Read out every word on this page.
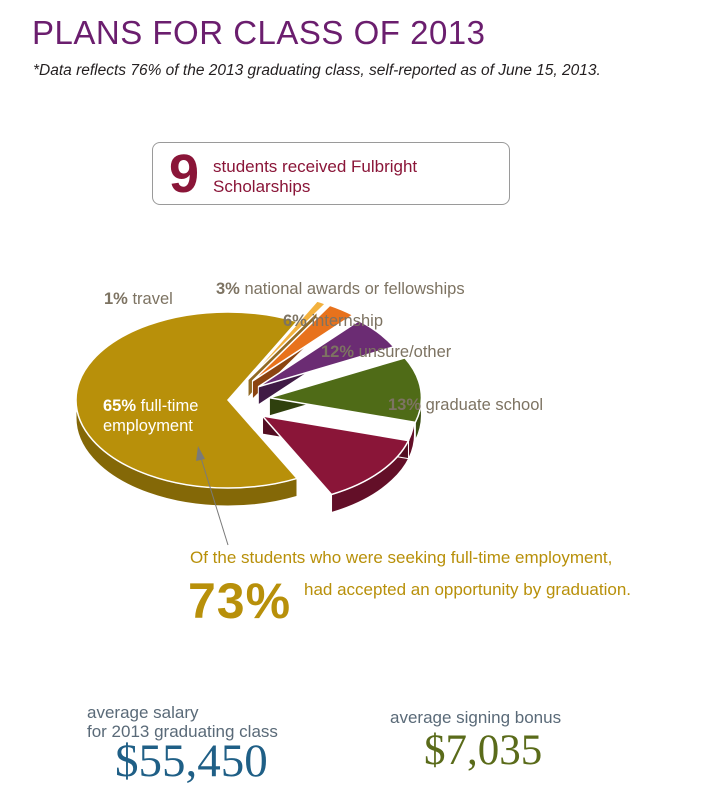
PLANS FOR CLASS OF 2013

*Data reflects 76% of the 2013 graduating class, self-reported as of June 15, 2013.

9 students received Fulbright Scholarships
65% full-time
employment
1% travel
3% national awards or fellowships
6% internship
12% unsure/other
13% graduate school
Of the students who were seeking full-time employment,
73% had accepted an opportunity by graduation.
average salary
for 2013 graduating class
$55,450
average signing bonus
$7,035
